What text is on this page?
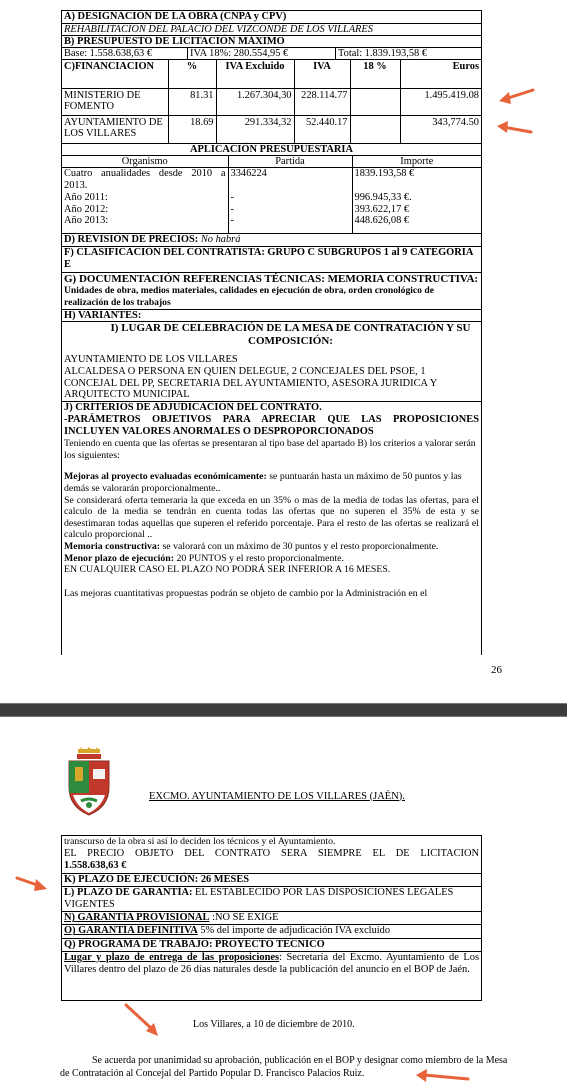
A) DESIGNACIÓN DE LA OBRA (CNPA y CPV)
REHABILITACION DEL PALACIO DEL VIZCONDE DE LOS VILLARES
B) PRESUPUESTO DE LICITACIÓN MÁXIMO
Base: 1.558.638,63 €	IVA 18%: 280.554,95 €	Total: 1.839.193,58 €
C)FINANCIACION	%	IVA Excluido	IVA	18 %	Euros
MINISTERIO DE FOMENTO	81.31	1.267.304,30	228.114.77		1.495.419.08
AYUNTAMIENTO DE LOS VILLARES	18.69	291.334,32	52.440.17		343,774.50
APLICACIÓN PRESUPUESTARIA
Organismo	Partida	Importe
Cuatro anualidades desde 2010 a 2013.	3346224	1839.193,58 €
Año 2011:	-	996.945,33 €.
Año 2012:	-	393.622,17 €
Año 2013:	-	448.626,08 €
D) REVISIÓN DE PRECIOS: No habrá
F) CLASIFICACIÓN DEL CONTRATISTA: GRUPO C SUBGRUPOS 1 al 9 CATEGORIA E
G) DOCUMENTACIÓN REFERENCIAS TÉCNICAS: MEMORIA CONSTRUCTIVA:
Unidades de obra, medios materiales, calidades en ejecución de obra, orden cronológico de realización de los trabajos
H) VARIANTES:
I) LUGAR DE CELEBRACIÓN DE LA MESA DE CONTRATACIÓN Y SU COMPOSICIÓN:
AYUNTAMIENTO DE LOS VILLARES
ALCALDESA O PERSONA EN QUIEN DELEGUE, 2 CONCEJALES DEL PSOE, 1 CONCEJAL DEL PP, SECRETARIA DEL AYUNTAMIENTO, ASESORA JURIDICA Y ARQUITECTO MUNICIPAL
J) CRITERIOS DE ADJUDICACIÓN DEL CONTRATO.
-PARÁMETROS OBJETIVOS PARA APRECIAR QUE LAS PROPOSICIONES INCLUYEN VALORES ANORMALES O DESPROPORCIONADOS
Teniendo en cuenta que las ofertas se presentaran al tipo base del apartado B) los criterios a valorar serán los siguientes:
Mejoras al proyecto evaluadas económicamente: se puntuarán hasta un máximo de 50 puntos y las demás se valorarán proporcionalmente..
Se considerará oferta temeraria la que exceda en un 35% o mas de la media de todas las ofertas, para el calculo de la media se tendrán en cuenta todas las ofertas que no superen el 35% de esta y se desestimaran todas aquellas que superen el referido porcentaje. Para el resto de las ofertas se realizará el calculo proporcional ..
Memoria constructiva: se valorará con un máximo de 30 puntos y el resto proporcionalmente.
Menor plazo de ejecución: 20 PUNTOS y el resto proporcionalmente.
EN CUALQUIER CASO EL PLAZO NO PODRÁ SER INFERIOR A 16 MESES.
Las mejoras cuantitativas propuestas podrán se objeto de cambio por la Administración en el
26
EXCMO. AYUNTAMIENTO DE LOS VILLARES (JAÉN).
transcurso de la obra si así lo deciden los técnicos y el Ayuntamiento.
EL PRECIO OBJETO DEL CONTRATO SERA SIEMPRE EL DE LICITACION
1.558.638,63 €
K) PLAZO DE EJECUCIÓN: 26 MESES
L) PLAZO DE GARANTÍA: EL ESTABLECIDO POR LAS DISPOSICIONES LEGALES VIGENTES
N) GARANTÍA PROVISIONAL :NO SE EXIGE
O) GARANTÍA DEFINITIVA 5% del importe de adjudicación IVA excluido
Q) PROGRAMA DE TRABAJO: PROYECTO TECNICO
Lugar y plazo de entrega de las proposiciones: Secretaría del Excmo. Ayuntamiento de Los Villares dentro del plazo de 26 días naturales desde la publicación del anuncio en el BOP de Jaén.
Los Villares, a 10 de diciembre de 2010.
Se acuerda por unanimidad su aprobación, publicación en el BOP y designar como miembro de la Mesa de Contratación al Concejal del Partido Popular D. Francisco Palacios Ruiz.
